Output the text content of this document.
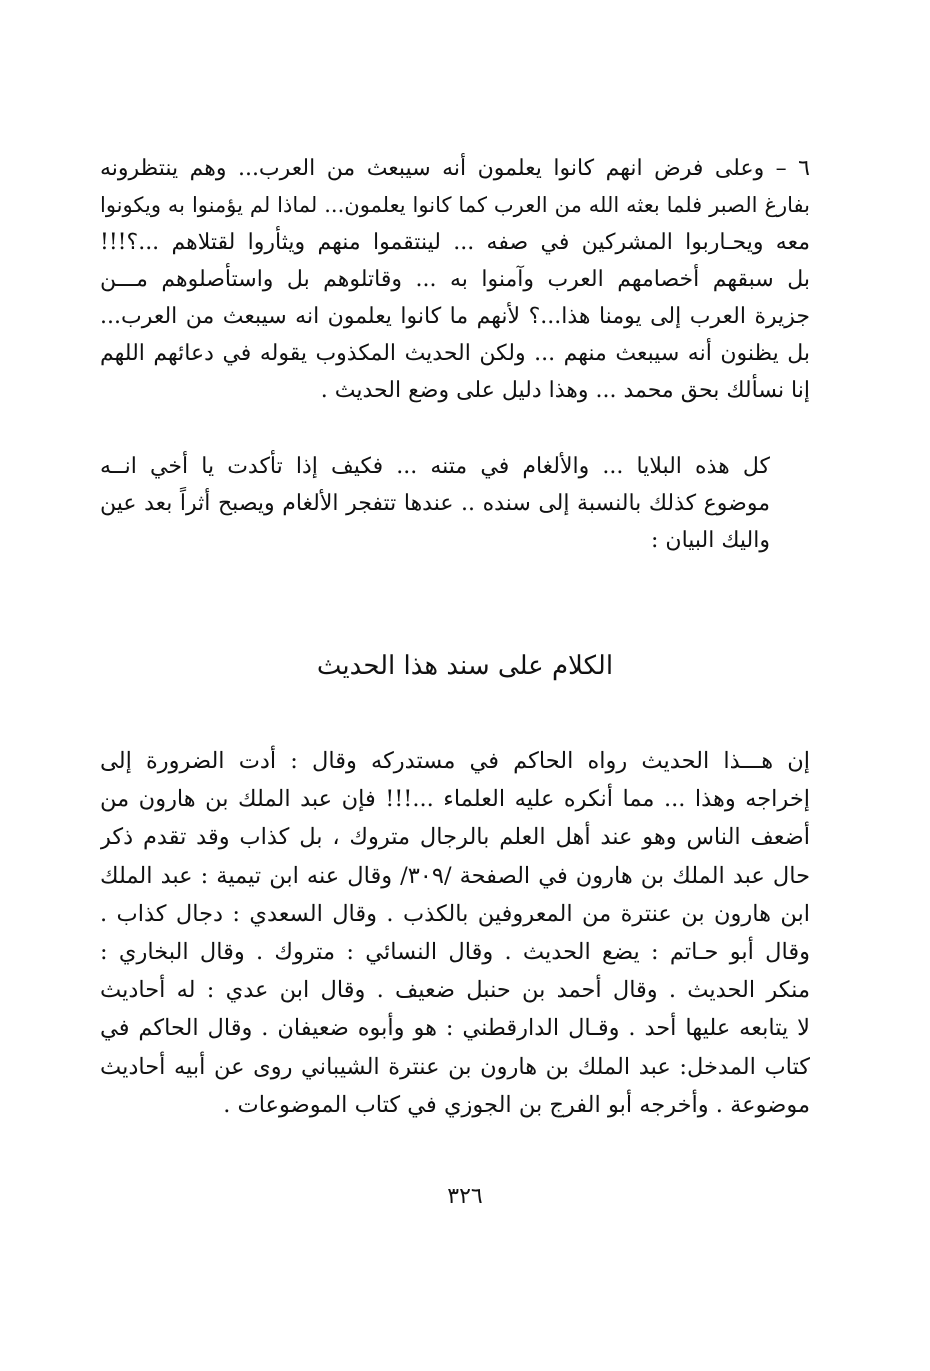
٦ً – وعلى فرض انهم كانوا يعلمون أنه سيبعث من العرب... وهم ينتظرونه
بفارغ الصبر فلما بعثه الله من العرب كما كانوا يعلمون... لماذا لم يؤمنوا به ويكونوا
معه ويحـاربوا المشركين في صفه ... لينتقموا منهم ويثأروا لقتلاهم ...؟!!!
بل سبقهم أخصامهم العرب وآمنوا به ... وقاتلوهم بل واستأصلوهم مـــن
جزيرة العرب إلى يومنا هذا...؟ لأنهم ما كانوا يعلمون انه سيبعث من العرب...
بل يظنون أنه سيبعث منهم ... ولكن الحديث المكذوب يقوله في دعائهم اللهم
إنا نسألك بحق محمد ... وهذا دليل على وضع الحديث .
كل هذه البلايا ... والألغام في متنه ... فكيف إذا تأكدت يا أخي انــه
موضوع كذلك بالنسبة إلى سنده .. عندها تتفجر الألغام ويصبح أثراً بعد عين
واليك البيان :
الكلام على سند هذا الحديث
إن هـــذا الحديث رواه الحاكم في مستدركه وقال : أدت الضرورة إلى
إخراجه وهذا ... مما أنكره عليه العلماء ...!!! فإن عبد الملك بن هارون من
أضعف الناس وهو عند أهل العلم بالرجال متروك ، بل كذاب وقد تقدم ذكر
حال عبد الملك بن هارون في الصفحة /٣٠٩/ وقال عنه ابن تيمية : عبد الملك
ابن هارون بن عنترة من المعروفين بالكذب . وقال السعدي : دجال كذاب .
وقال أبو حـاتم : يضع الحديث . وقال النسائي : متروك . وقال البخاري :
منكر الحديث . وقال أحمد بن حنبل ضعيف . وقال ابن عدي : له أحاديث
لا يتابعه عليها أحد . وقـال الدارقطني : هو وأبوه ضعيفان . وقال الحاكم في
كتاب المدخل: عبد الملك بن هارون بن عنترة الشيباني روى عن أبيه أحاديث
موضوعة . وأخرجه أبو الفرج بن الجوزي في كتاب الموضوعات .
٣٢٦
